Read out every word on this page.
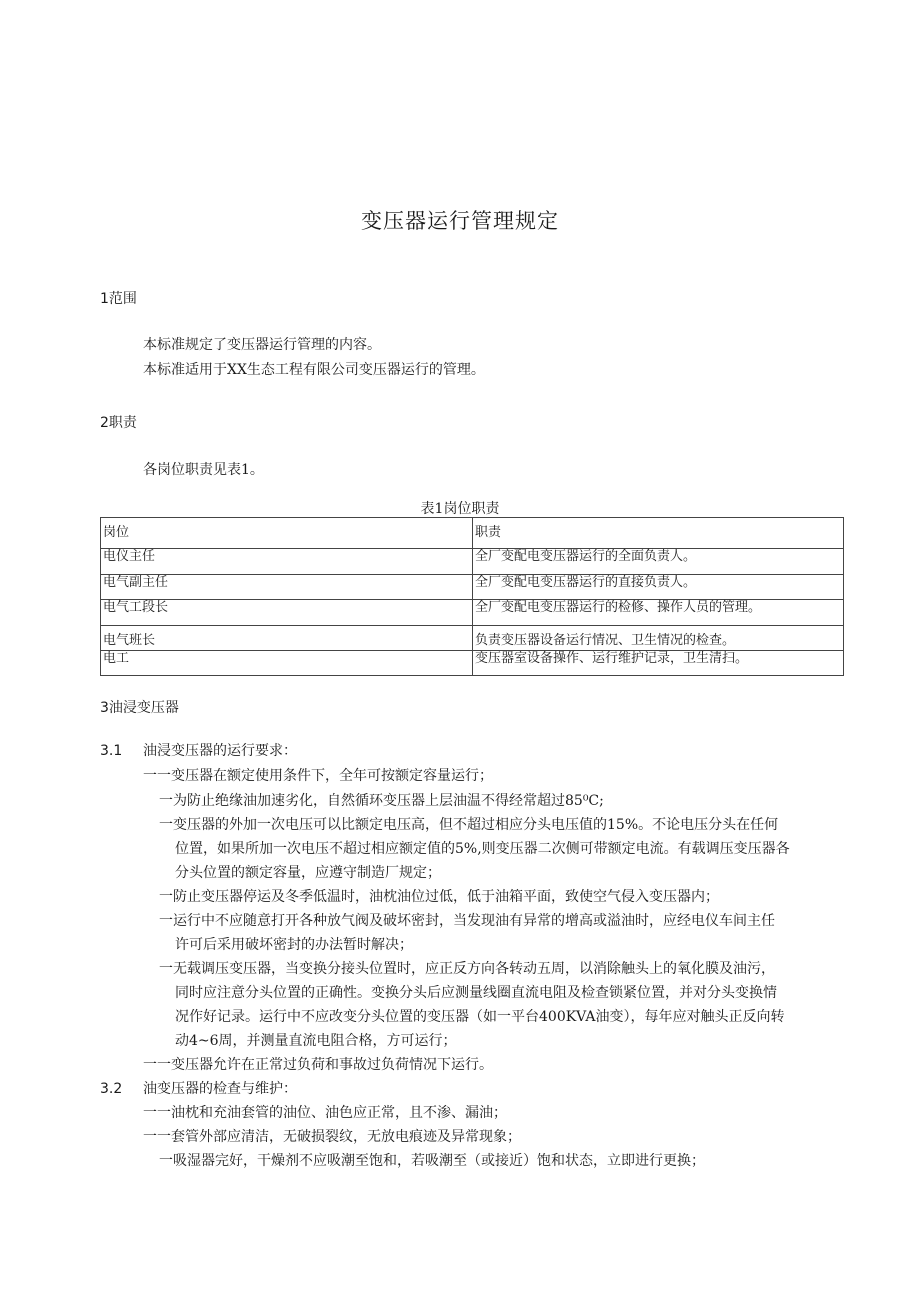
变压器运行管理规定
1范围
本标准规定了变压器运行管理的内容。
本标准适用于XX生态工程有限公司变压器运行的管理。
2职责
各岗位职责见表1。
表1岗位职责
岗位	职责
电仪主任	全厂变配电变压器运行的全面负责人。
电气副主任	全厂变配电变压器运行的直接负责人。
电气工段长	全厂变配电变压器运行的检修、操作人员的管理。
电气班长	负责变压器设备运行情况、卫生情况的检查。
电工	变压器室设备操作、运行维护记录，卫生清扫。
3油浸变压器
3.1 油浸变压器的运行要求：
一一变压器在额定使用条件下，全年可按额定容量运行；
一为防止绝缘油加速劣化，自然循环变压器上层油温不得经常超过85⁰C;
一变压器的外加一次电压可以比额定电压高，但不超过相应分头电压值的15%。不论电压分头在任何
位置，如果所加一次电压不超过相应额定值的5%,则变压器二次侧可带额定电流。有载调压变压器各
分头位置的额定容量，应遵守制造厂规定；
一防止变压器停运及冬季低温时，油枕油位过低，低于油箱平面，致使空气侵入变压器内；
一运行中不应随意打开各种放气阀及破坏密封，当发现油有异常的增高或溢油时，应经电仪车间主任
许可后采用破坏密封的办法暂时解决；
一无载调压变压器，当变换分接头位置时，应正反方向各转动五周，以消除触头上的氧化膜及油污，
同时应注意分头位置的正确性。变换分头后应测量线圈直流电阻及检查锁紧位置，并对分头变换情
况作好记录。运行中不应改变分头位置的变压器（如一平台400KVA油变），每年应对触头正反向转
动4~6周，并测量直流电阻合格，方可运行；
一一变压器允许在正常过负荷和事故过负荷情况下运行。
3.2 油变压器的检查与维护：
一一油枕和充油套管的油位、油色应正常，且不渗、漏油；
一一套管外部应清洁，无破损裂纹，无放电痕迹及异常现象；
一吸湿器完好，干燥剂不应吸潮至饱和，若吸潮至（或接近）饱和状态，立即进行更换；
